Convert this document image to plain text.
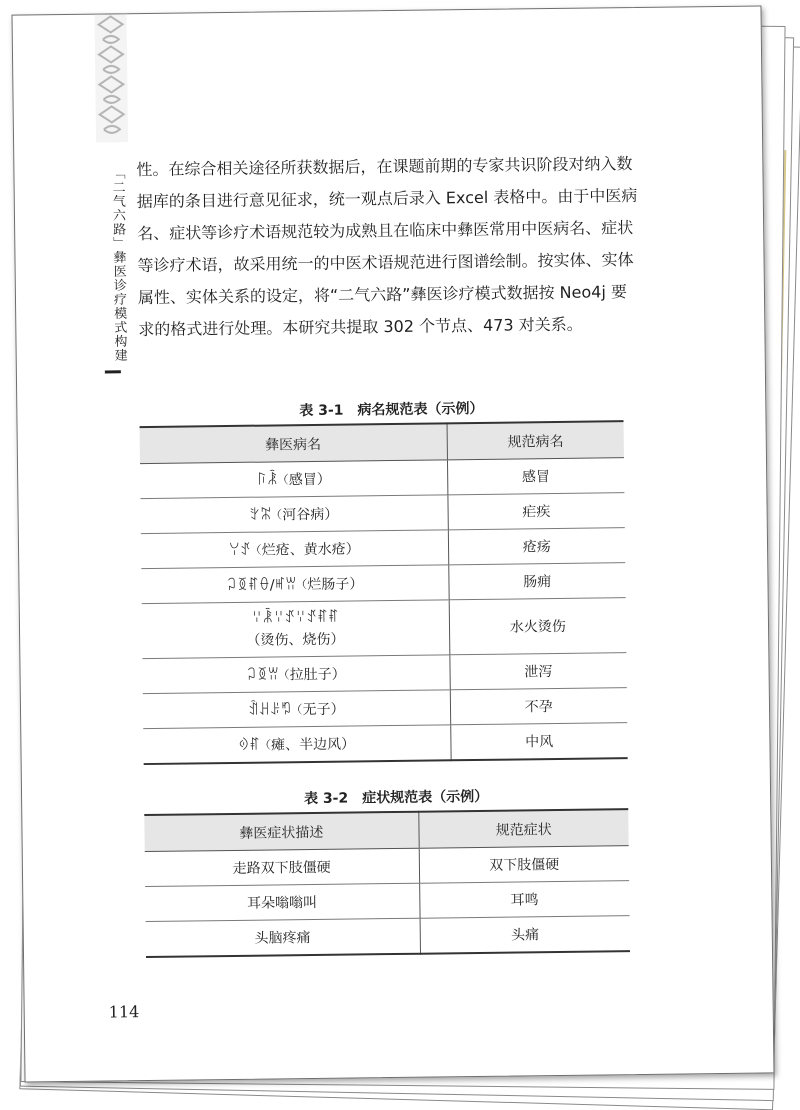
「二气六路」彝医诊疗模式构建 性。在综合相关途径所获数据后，在课题前期的专家共识阶段对纳入数据库的条目进行意见征求，统一观点后录入 Excel 表格中。由于中医病名、症状等诊疗术语规范较为成熟且在临床中彝医常用中医病名、症状等诊疗术语，故采用统一的中医术语规范进行图谱绘制。按实体、实体属性、实体关系的设定，将“二气六路”彝医诊疗模式数据按 Neo4j 要求的格式进行处理。本研究共提取 302 个节点、473 对关系。

表 3-1　病名规范表（示例）
彝医病名	规范病名
ꑍꂾ（感冒）	感冒
ꇬꄓ（河谷病）	疟疾
ꌩꀋ（烂疮、黄水疮）	疮疡
ꃀꅉꐥꂷ/ꎭꀕ（烂肠子）	肠痈

ꈌꂾꈌꀋꈌꀋꐥꐥ
（烫伤、烧伤）	水火烫伤
ꃀꅉꀕ（拉肚子）	泄泻
ꀉꃅꌠꑳ（无子）	不孕
ꎍꐥ（瘫、半边风）	中风
表 3-2　症状规范表（示例）
彝医症状描述	规范症状
走路双下肢僵硬	双下肢僵硬
耳朵嗡嗡叫	耳鸣
头脑疼痛	头痛
114
